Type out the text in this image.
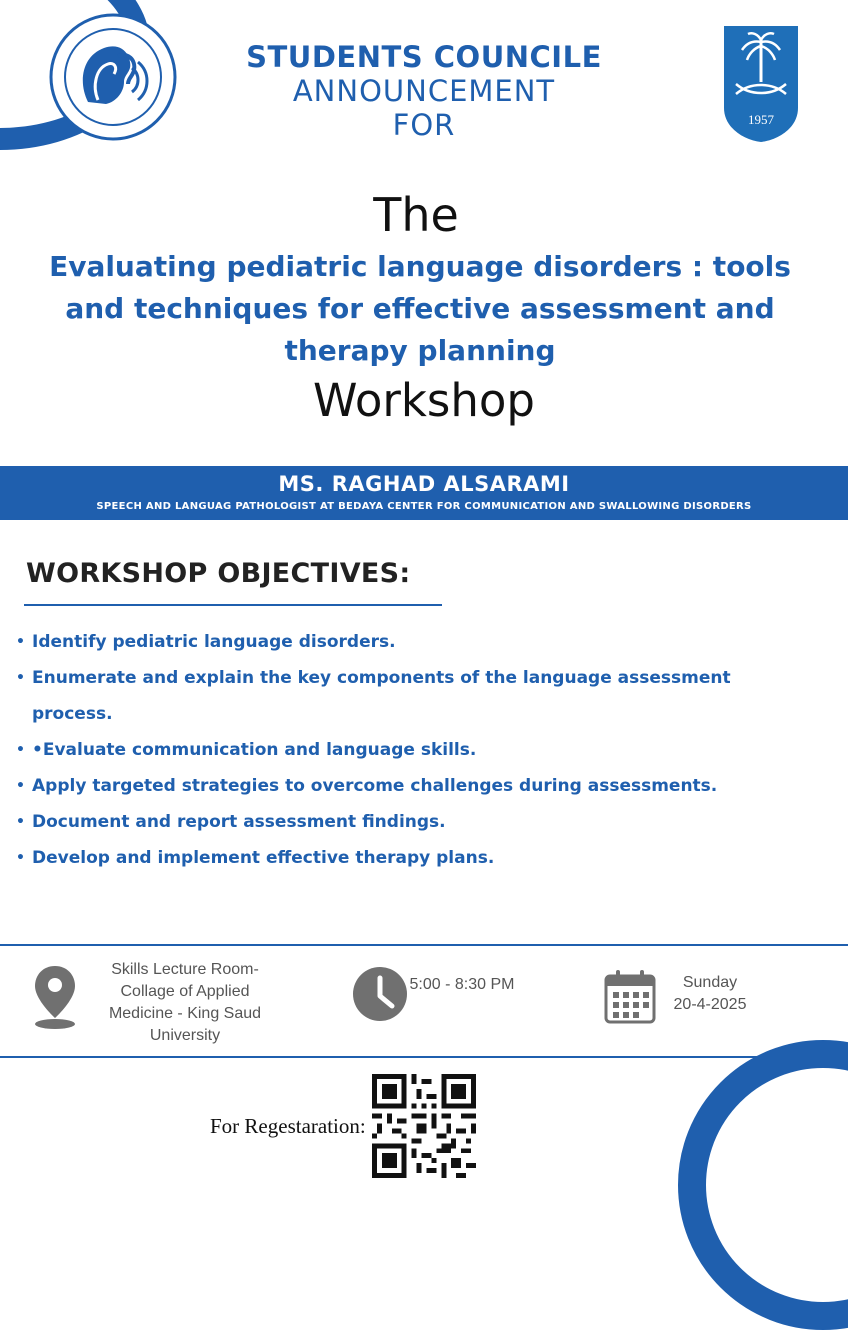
1957
STUDENTS COUNCILE
ANNOUNCEMENT
FOR
The
Evaluating pediatric language disorders : tools and techniques for effective assessment and therapy planning
Workshop
MS. RAGHAD ALSARAMI
SPEECH AND LANGUAG PATHOLOGIST AT BEDAYA CENTER FOR COMMUNICATION AND SWALLOWING DISORDERS
WORKSHOP OBJECTIVES:
• Identify pediatric language disorders.
• Enumerate and explain the key components of the language assessment process.
• •Evaluate communication and language skills.
• Apply targeted strategies to overcome challenges during assessments.
• Document and report assessment findings.
• Develop and implement effective therapy plans.
Skills Lecture Room-Collage of Applied Medicine - King Saud University
5:00 - 8:30 PM	Sunday
20-4-2025
For Regestaration:
